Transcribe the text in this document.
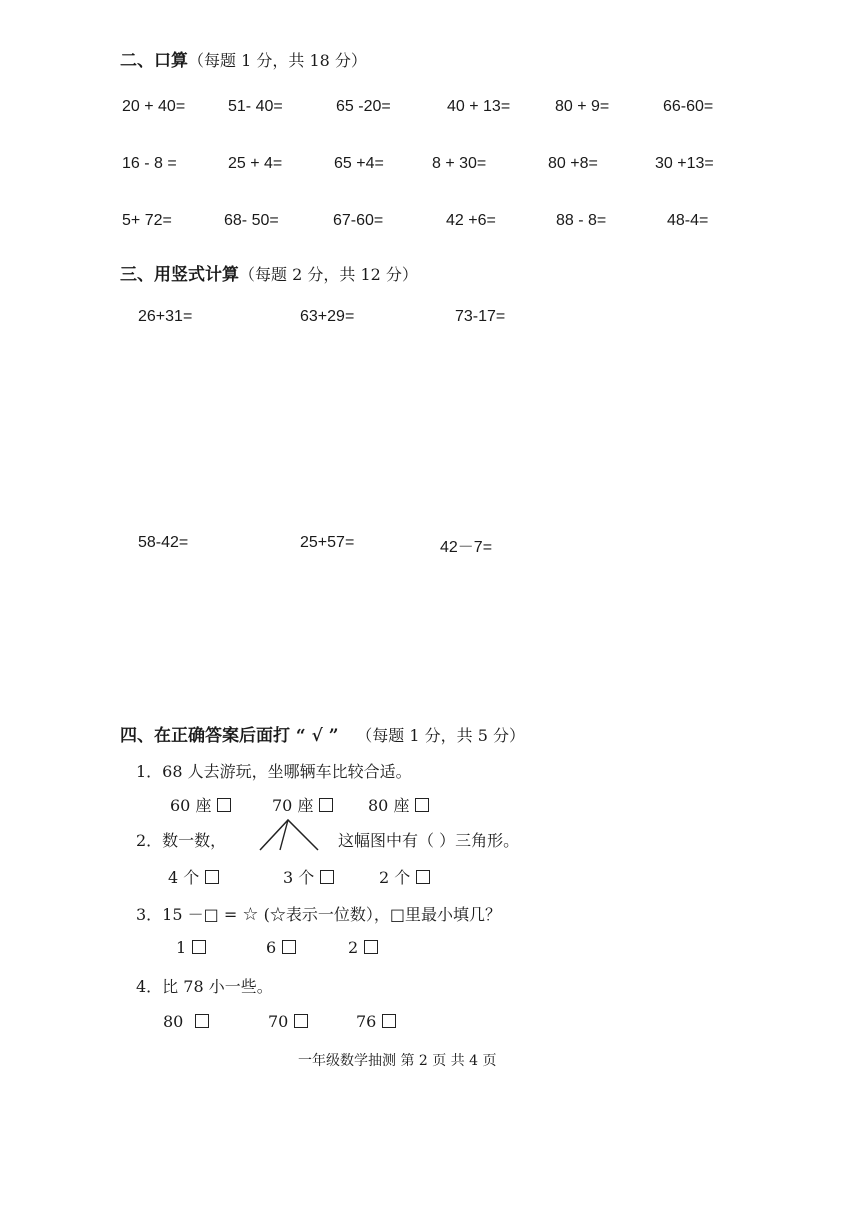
二、口算（每题 1 分，共 18 分）
20 + 40=	51- 40=	65 -20=	40 + 13=	80 + 9=	66-60=
16 - 8 =	25 + 4=	65 +4=	8 + 30=	80 +8=	30 +13=
5+ 72=	68- 50=	67-60=	42 +6=	88 - 8=	48-4=
三、用竖式计算（每题 2 分，共 12 分）
26+31=	63+29=	73-17=
58-42=	25+57=	42－7=
四、在正确答案后面打 “ √ ” （每题 1 分，共 5 分）
1．68 人去游玩，坐哪辆车比较合适。
60 座	70 座	80 座
2．数一数，	这幅图中有（ ）三角形。
4 个	3 个	2 个
3．15 －□ = ☆ (☆表示一位数），□里最小填几？
1	6	2
4．比 78 小一些。
80	70	76
一年级数学抽测 第 2 页 共 4 页
